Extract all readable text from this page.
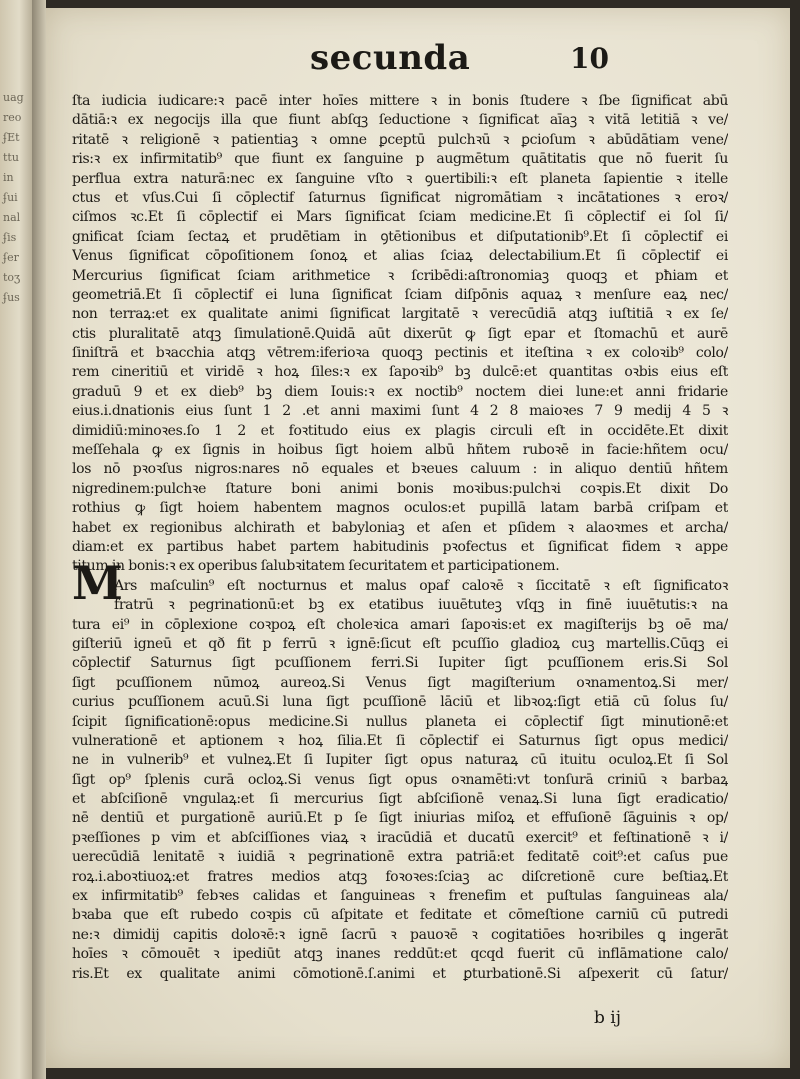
uag
reo
ʄEt
ttu
in
ʄui
nal
ʄis
ʄer
toʒ
ʄus
secunda	10
M
ſta iudicia iudicare:ꝛ pacē inter hoīes mittere ꝛ in bonis ſtudere ꝛ ſbe ſignificat abū
dātiā:ꝛ ex negocijs illa que fiunt abſqꝫ ſeductione ꝛ ſignificat aīaꝫ ꝛ vitā letitiā ꝛ ve/
ritatē ꝛ religionē ꝛ patientiaꝫ ꝛ omne ꝑceptū pulchꝛū ꝛ ꝑcioſum ꝛ abūdātiam vene/
ris:ꝛ ex infirmitatib⁹ que fiunt ex ſanguine p augmētum quātitatis que nō fuerit ſu
perflua extra naturā:nec ex ſanguine vſto ꝛ ꝯuertibili:ꝛ eſt planeta ſapientie ꝛ itelle
ctus et vſus.Cui ſi cōplectif ſaturnus ſignificat nigromātiam ꝛ incātationes ꝛ eroꝛ/
ciſmos ꝛc.Et ſi cōplectif ei Mars ſignificat ſciam medicine.Et ſi cōplectif ei ſol ſi/
gnificat ſciam ſectaꝝ et prudētiam in ꝯtētionibus et diſputationib⁹.Et ſi cōplectif ei
Venus ſignificat cōpoſitionem ſonoꝝ et alias ſciaꝝ delectabilium.Et ſi cōplectif ei
Mercurius ſignificat ſciam arithmetice ꝛ ſcribēdi:aſtronomiaꝫ quoqꝫ et pħiam et
geometriā.Et ſi cōplectif ei luna ſignificat ſciam diſpōnis aquaꝝ ꝛ menſure eaꝝ nec/
non terraꝝ:et ex qualitate animi ſignificat largitatē ꝛ verecūdiā atqꝫ iuſtitiā ꝛ ex ſe/
ctis pluralitatē atqꝫ ſimulationē.Quidā aūt dixerūt ꝙ ſigt epar et ſtomachū et aurē
ſiniſtrā et bꝛacchia atqꝫ vētrem:iferioꝛa quoqꝫ pectinis et iteſtina ꝛ ex coloꝛib⁹ colo/
rem cineritiū et viridē ꝛ hoꝝ ſiles:ꝛ ex ſapoꝛib⁹ bꝫ dulcē:et quantitas oꝛbis eius eſt
graduū 9 et ex dieb⁹ bꝫ diem Iouis:ꝛ ex noctib⁹ noctem diei lune:et anni fridarie
eius.i.dnationis eius ſunt 1 2 .et anni maximi ſunt 4 2 8 maioꝛes 7 9 medij 4 5 ꝛ
dimidiū:minoꝛes.ſo 1 2 et foꝛtitudo eius ex plagis circuli eſt in occidēte.Et dixit
meſſehala ꝙ ex ſignis in hoibus ſigt hoiem albū hñtem ruboꝛē in facie:hñtem ocu/
los nō pꝛoꝛſus nigros:nares nō equales et bꝛeues caluum : in aliquo dentiū hñtem
nigredinem:pulchꝛe ſtature boni animi bonis moꝛibus:pulchꝛi coꝛpis.Et dixit Do
rothius ꝙ ſigt hoiem habentem magnos oculos:et pupillā latam barbā criſpam et
habet ex regionibus alchirath et babyloniaꝫ et aſen et pſidem ꝛ alaoꝛmes et archa/
diam:et ex partibus habet partem habitudinis pꝛofectus et ſignificat fidem ꝛ appe
titum in bonis:ꝛ ex operibus ſalubꝛitatem ſecuritatem et participationem.
Ars maſculin⁹ eſt nocturnus et malus opaf caloꝛē ꝛ ſiccitatē ꝛ eſt ſignificatoꝛ
fratrū ꝛ pegrinationū:et bꝫ ex etatibus iuuētuteꝫ vſqꝫ in finē iuuētutis:ꝛ na
tura ei⁹ in cōplexione coꝛpoꝝ eſt choleꝛica amari ſapoꝛis:et ex magiſterijs bꝫ oē ma/
giſteriū igneū et qð fit p ferrū ꝛ ignē:ſicut eſt pcuſſio gladioꝝ cuꝫ martellis.Cūqꝫ ei
cōplectif Saturnus ſigt pcuſſionem ferri.Si Iupiter ſigt pcuſſionem eris.Si Sol
ſigt pcuſſionem nūmoꝝ aureoꝝ.Si Venus ſigt magiſterium oꝛnamentoꝝ.Si mer/
curius pcuſſionem acuū.Si luna ſigt pcuſſionē lāciū et libꝛoꝝ:ſigt etiā cū ſolus ſu/
ſcipit ſignificationē:opus medicine.Si nullus planeta ei cōplectif ſigt minutionē:et
vulnerationē et aptionem ꝛ hoꝝ ſilia.Et ſi cōplectif ei Saturnus ſigt opus medici/
ne in vulnerib⁹ et vulneꝝ.Et ſi Iupiter ſigt opus naturaꝝ cū ituitu oculoꝝ.Et ſi Sol
ſigt op⁹ ſplenis curā ocloꝝ.Si venus ſigt opus oꝛnamēti:vt tonſurā criniū ꝛ barbaꝝ
et abſciſionē vngulaꝝ:et ſi mercurius ſigt abſciſionē venaꝝ.Si luna ſigt eradicatio/
nē dentiū et purgationē auriū.Et p ſe ſigt iniurias miſoꝝ et effuſionē ſāguinis ꝛ op/
pꝛeſſiones p vim et abſciſſiones viaꝝ ꝛ iracūdiā et ducatū exercit⁹ et feſtinationē ꝛ i/
uerecūdiā lenitatē ꝛ iuidiā ꝛ pegrinationē extra patriā:et feditatē coit⁹:et caſus pue
roꝝ.i.aboꝛtiuoꝝ:et fratres medios atqꝫ foꝛoꝛes:ſciaꝫ ac diſcretionē cure beſtiaꝝ.Et
ex infirmitatib⁹ febꝛes calidas et ſanguineas ꝛ frenefim et puſtulas ſanguineas ala/
bꝛaba que eſt rubedo coꝛpis cū aſpitate et feditate et cōmeſtione carniū cū putredi
ne:ꝛ dimidij capitis doloꝛē:ꝛ ignē ſacrū ꝛ pauoꝛē ꝛ cogitatiōes hoꝛribiles ꝗ ingerāt
hoīes ꝛ cōmouēt ꝛ ipediūt atqꝫ inanes reddūt:et qcqd fuerit cū inflāmatione calo/
ris.Et ex qualitate animi cōmotionē.ſ.animi et ꝑturbationē.Si aſpexerit cū ſatur/
b ij
